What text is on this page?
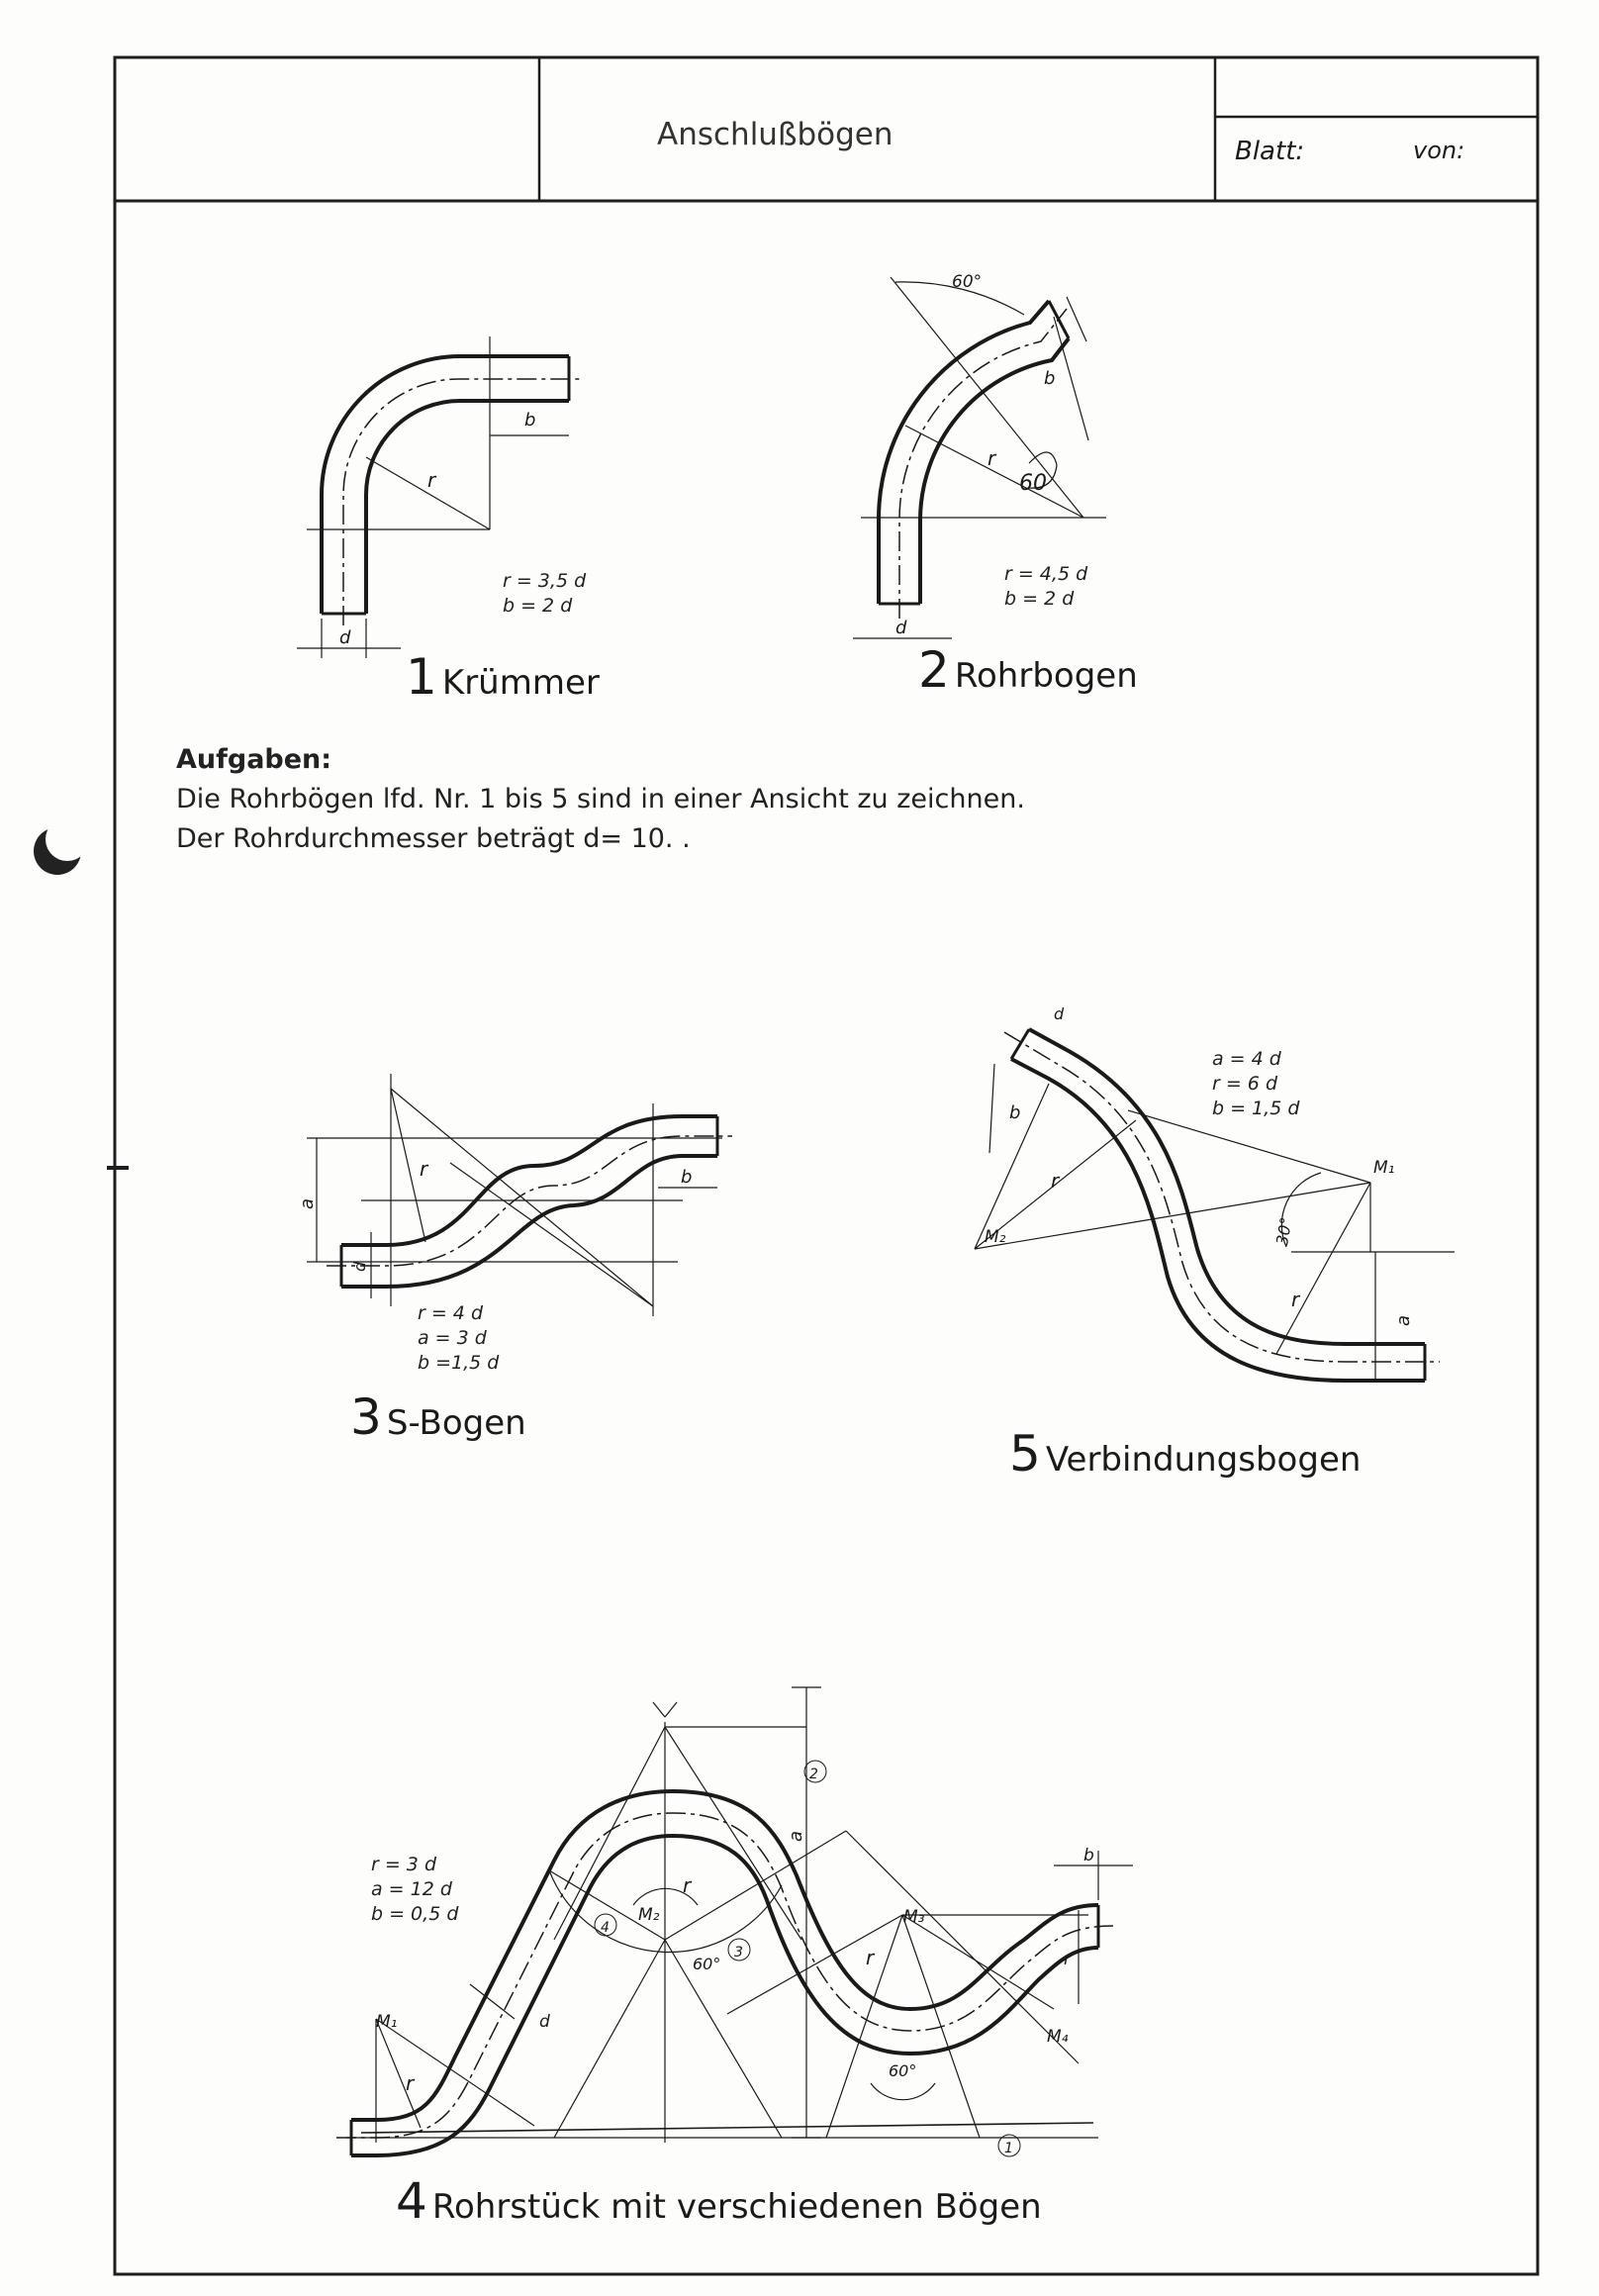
b
r
d
60°
b
r
d
60
a
b
d
r
M₂
M₁
30°
a
b
d
r
r
M₁
M₂	M₃
M₄
60°
60°
a
b
r
r
r
r
d
2
1
3
4
Anschlußbögen	Blatt:	von:
r = 3,5 d
b = 2 d
1 Krümmer
r = 4,5 d
b = 2 d
2 Rohrbogen
Aufgaben:
Die Rohrbögen lfd. Nr. 1 bis 5 sind in einer Ansicht zu zeichnen.
Der Rohrdurchmesser beträgt d= 10. .
r = 4 d
a = 3 d
b =1,5 d
3 S-Bogen
a = 4 d
r = 6 d
b = 1,5 d
5 Verbindungsbogen
r = 3 d
a = 12 d
b = 0,5 d
4 Rohrstück mit verschiedenen Bögen
